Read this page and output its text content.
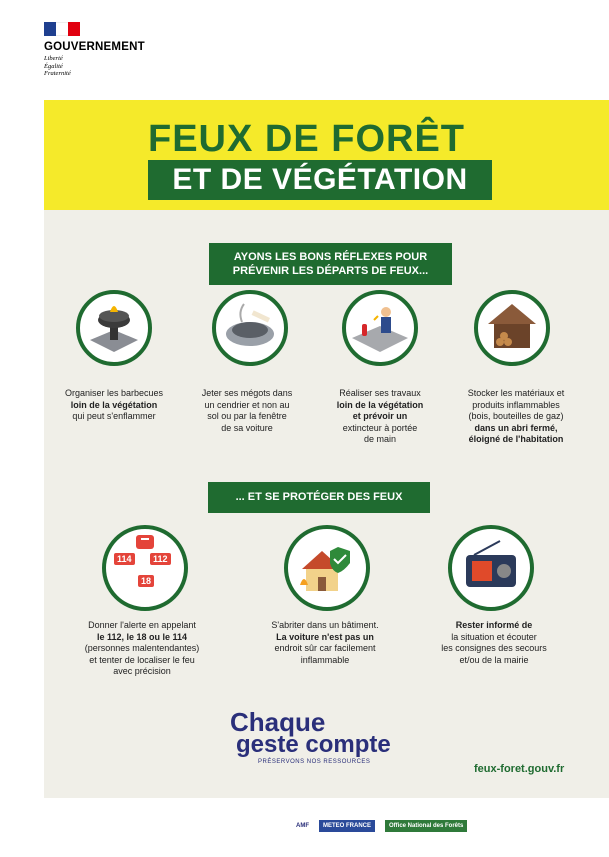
GOUVERNEMENT
Liberté
Égalité
Fraternité
FEUX DE FORÊT
ET DE VÉGÉTATION
AYONS LES BONS RÉFLEXES POUR
PRÉVENIR LES DÉPARTS DE FEUX...
Organiser les barbecues
loin de la végétation
qui peut s'enflammer
Jeter ses mégots dans
un cendrier et non au
sol ou par la fenêtre
de sa voiture
Réaliser ses travaux
loin de la végétation
et prévoir un
extincteur à portée
de main
Stocker les matériaux et
produits inflammables
(bois, bouteilles de gaz)
dans un abri fermé,
éloigné de l'habitation
... ET SE PROTÉGER DES FEUX
114	112
18
Donner l'alerte en appelant
le 112, le 18 ou le 114
(personnes malentendantes)
et tenter de localiser le feu
avec précision
S'abriter dans un bâtiment.
La voiture n'est pas un
endroit sûr car facilement
inflammable
Rester informé de
la situation et écouter
les consignes des secours
et/ou de la mairie
Chaque
geste compte
PRÉSERVONS NOS RESSOURCES
feux-foret.gouv.fr
AMF	METEO FRANCE	Office National des Forêts
